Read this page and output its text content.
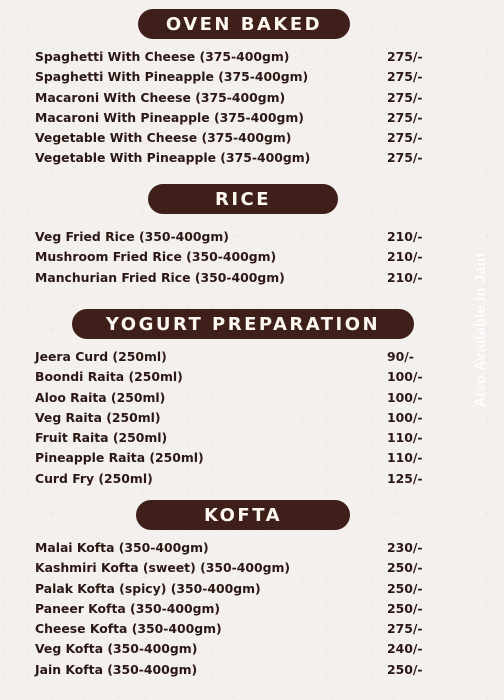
OVEN BAKED
Spaghetti With Cheese (375-400gm)	275/-
Spaghetti With Pineapple (375-400gm)	275/-
Macaroni With Cheese (375-400gm)	275/-
Macaroni With Pineapple (375-400gm)	275/-
Vegetable With Cheese (375-400gm)	275/-
Vegetable With Pineapple (375-400gm)	275/-
RICE
Veg Fried Rice (350-400gm)	210/-
Mushroom Fried Rice (350-400gm)	210/-
Manchurian Fried Rice (350-400gm)	210/-
YOGURT PREPARATION
Jeera Curd (250ml)	90/-
Boondi Raita (250ml)	100/-
Aloo Raita (250ml)	100/-
Veg Raita (250ml)	100/-
Fruit Raita (250ml)	110/-
Pineapple Raita (250ml)	110/-
Curd Fry (250ml)	125/-
KOFTA
Malai Kofta (350-400gm)	230/-
Kashmiri Kofta (sweet) (350-400gm)	250/-
Palak Kofta (spicy) (350-400gm)	250/-
Paneer Kofta (350-400gm)	250/-
Cheese Kofta (350-400gm)	275/-
Veg Kofta (350-400gm)	240/-
Jain Kofta (350-400gm)	250/-
Also Available in Jain
